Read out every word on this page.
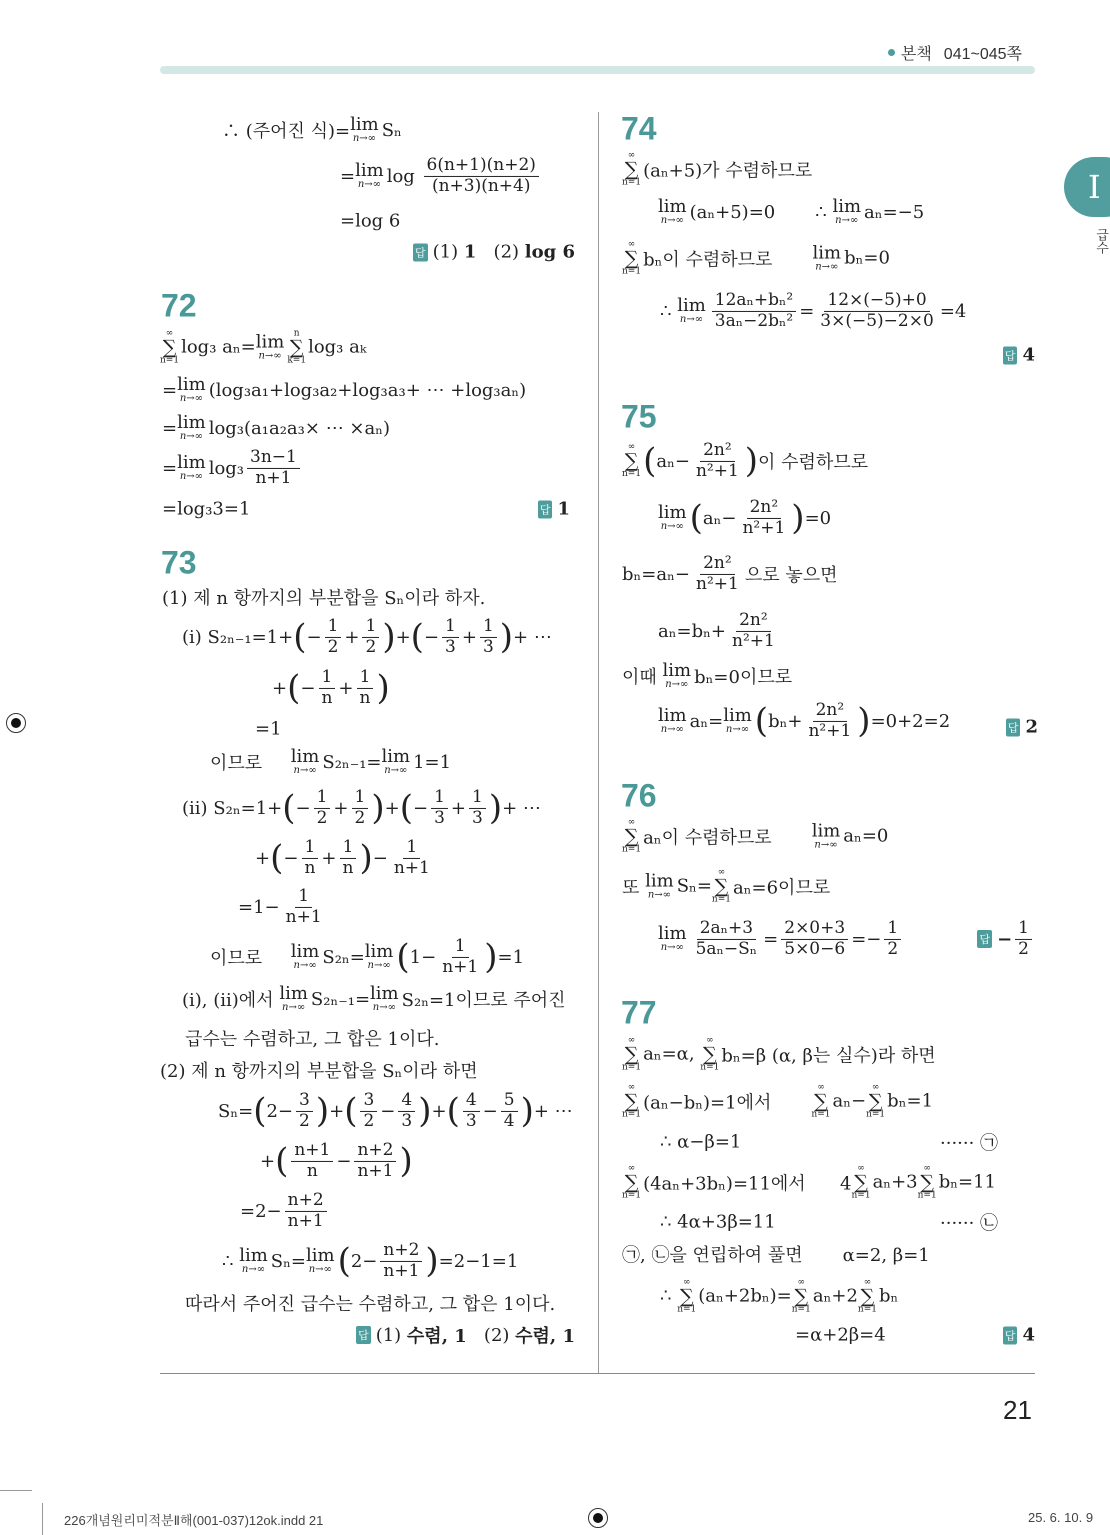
본책 041~045쪽
I
급수
72
73
74
75
76
77
∴ (주어진 식)= lim
n→∞ Sₙ
= lim
n→∞ $\log \frac{6(n+1)(n+2)}{(n+3)(n+4)}$
=log 6
답 (1) 1 (2) log 6
∞
∑
n=1
log₃ aₙ= lim
n→∞
n
∑
k=1
log₃ aₖ
= lim
n→∞ (log₃a₁+log₃a₂+log₃a₃+ ⋯ +log₃aₙ)
= lim
n→∞ log₃(a₁a₂a₃× ⋯ ×aₙ)
= lim
n→∞ $\log_3 \frac{3n-1}{n+1}$
=log₃3=1	답 1
(1) 제 n 항까지의 부분합을 Sₙ이라 하자.
(ⅰ) S₂ₙ₋₁=1+ ( − $\frac{1}{2} + \frac{1}{2}$ ) + ( − $\frac{1}{3} + \frac{1}{3}$ ) + ⋯
+ ( − $\frac{1}{n} + \frac{1}{n}$ )
=1
이므로 lim
n→∞ S₂ₙ₋₁= lim
n→∞ 1=1
(ⅱ) S₂ₙ=1+ ( − $\frac{1}{2} + \frac{1}{2}$ ) + ( − $\frac{1}{3} + \frac{1}{3}$ ) + ⋯
+ ( − $\frac{1}{n} + \frac{1}{n}$ ) − $\frac{1}{n+1}$
$=1- \frac{1}{n+1}$
이므로 lim
n→∞ S₂ₙ= lim
n→∞ ( $1- \frac{1}{n+1}$ ) =1
(ⅰ), (ⅱ)에서 lim
n→∞ S₂ₙ₋₁= lim
n→∞ S₂ₙ=1이므로 주어진
급수는 수렴하고, 그 합은 1이다.
(2) 제 n 항까지의 부분합을 Sₙ이라 하면
Sₙ= ( $2- \frac{3}{2}$ ) + ( $\frac{3}{2} - \frac{4}{3}$ ) + ( $\frac{4}{3} - \frac{5}{4}$ ) + ⋯
+ ( $\frac{n+1}{n} - \frac{n+2}{n+1}$ )
$=2- \frac{n+2}{n+1}$
∴ lim
n→∞ Sₙ= lim
n→∞ ( $2- \frac{n+2}{n+1}$ ) =2−1=1
따라서 주어진 급수는 수렴하고, 그 합은 1이다.
답 (1) 수렴, 1 (2) 수렴, 1
∞
∑
n=1
(aₙ+5)가 수렴하므로
lim
n→∞ (aₙ+5)=0       ∴ lim
n→∞ aₙ=−5
∞
∑
n=1
bₙ이 수렴하므로 lim
n→∞ bₙ=0
∴ lim
$n\to\infty \frac{\text{12aₙ+bₙ²}}{\text{3aₙ−2bₙ²}} = \frac{12\times(-5)+0}{3\times(-5)-2\times 0} =4$
답 4
∞
∑
n=1 ( $a_n- \frac{\text{2n²}}{\text{n²+1}}$ ) 이 수렴하므로
lim
n→∞ ( $a_n- \frac{\text{2n²}}{\text{n²+1}}$ ) =0
$b_n=a_n- \frac{\text{2n²}}{\text{n²+1}}$ 으로 놓으면
$a_n=b_n+ \frac{\text{2n²}}{\text{n²+1}}$
이때 lim
n→∞ bₙ=0이므로
lim
n→∞ aₙ= lim
n→∞ ( $b_n+ \frac{\text{2n²}}{\text{n²+1}}$ ) =0+2=2	답 2
∞
∑
n=1
aₙ이 수렴하므로 lim
n→∞ aₙ=0
또 lim
n→∞ Sₙ=
∞
∑
n=1
aₙ=6이므로
lim
$n\to\infty \frac{\text{2aₙ+3}}{\text{5aₙ−Sₙ}} = \frac{2\times 0+3}{5\times 0-6} =- \frac{1}{2}$	답 − $\frac{1}{2}$
∞
∑
n=1
aₙ=α,
∞
∑
n=1
bₙ=β (α, β는 실수)라 하면
∞
∑
n=1
(aₙ−bₙ)=1에서
∞
∑
n=1
aₙ−
∞
∑
n=1
bₙ=1
∴ α−β=1	······ ㉠
∞
∑
n=1
(4aₙ+3bₙ)=11에서      4
∞
∑
n=1
aₙ+3
∞
∑
n=1
bₙ=11
∴ 4α+3β=11	······ ㉡
㉠, ㉡을 연립하여 풀면       α=2, β=1
∴
∞
∑
n=1
(aₙ+2bₙ)=
∞
∑
n=1
aₙ+2
∞
∑
n=1
bₙ
=α+2β=4	답 4
21
226개념원리미적분Ⅱ해(001-037)12ok.indd 21	25. 6. 10. 9
